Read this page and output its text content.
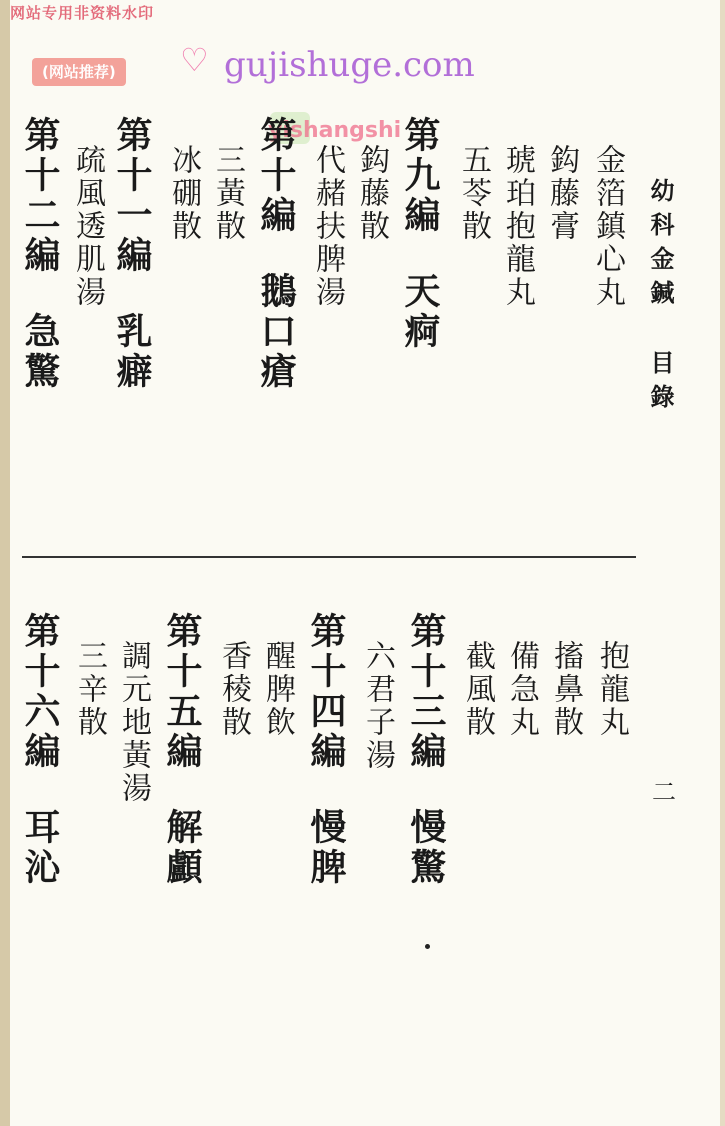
网站专用非资料水印
(网站推荐)	♡ gujishuge.com
yishangshi
幼科金鍼目錄
金箔鎮心丸
鈎藤膏
琥珀抱龍丸
五苓散
第九編天痾
鈎藤散
代赭扶脾湯
第十編鵝口瘡
三黃散
冰硼散
第十一編乳癖
疏風透肌湯
第十二編急驚
抱龍丸
搐鼻散
備急丸
截風散
第十三編慢驚
六君子湯
第十四編慢脾
醒脾飲
香稜散
第十五編解顱
調元地黃湯
三辛散
第十六編耳沁
二
